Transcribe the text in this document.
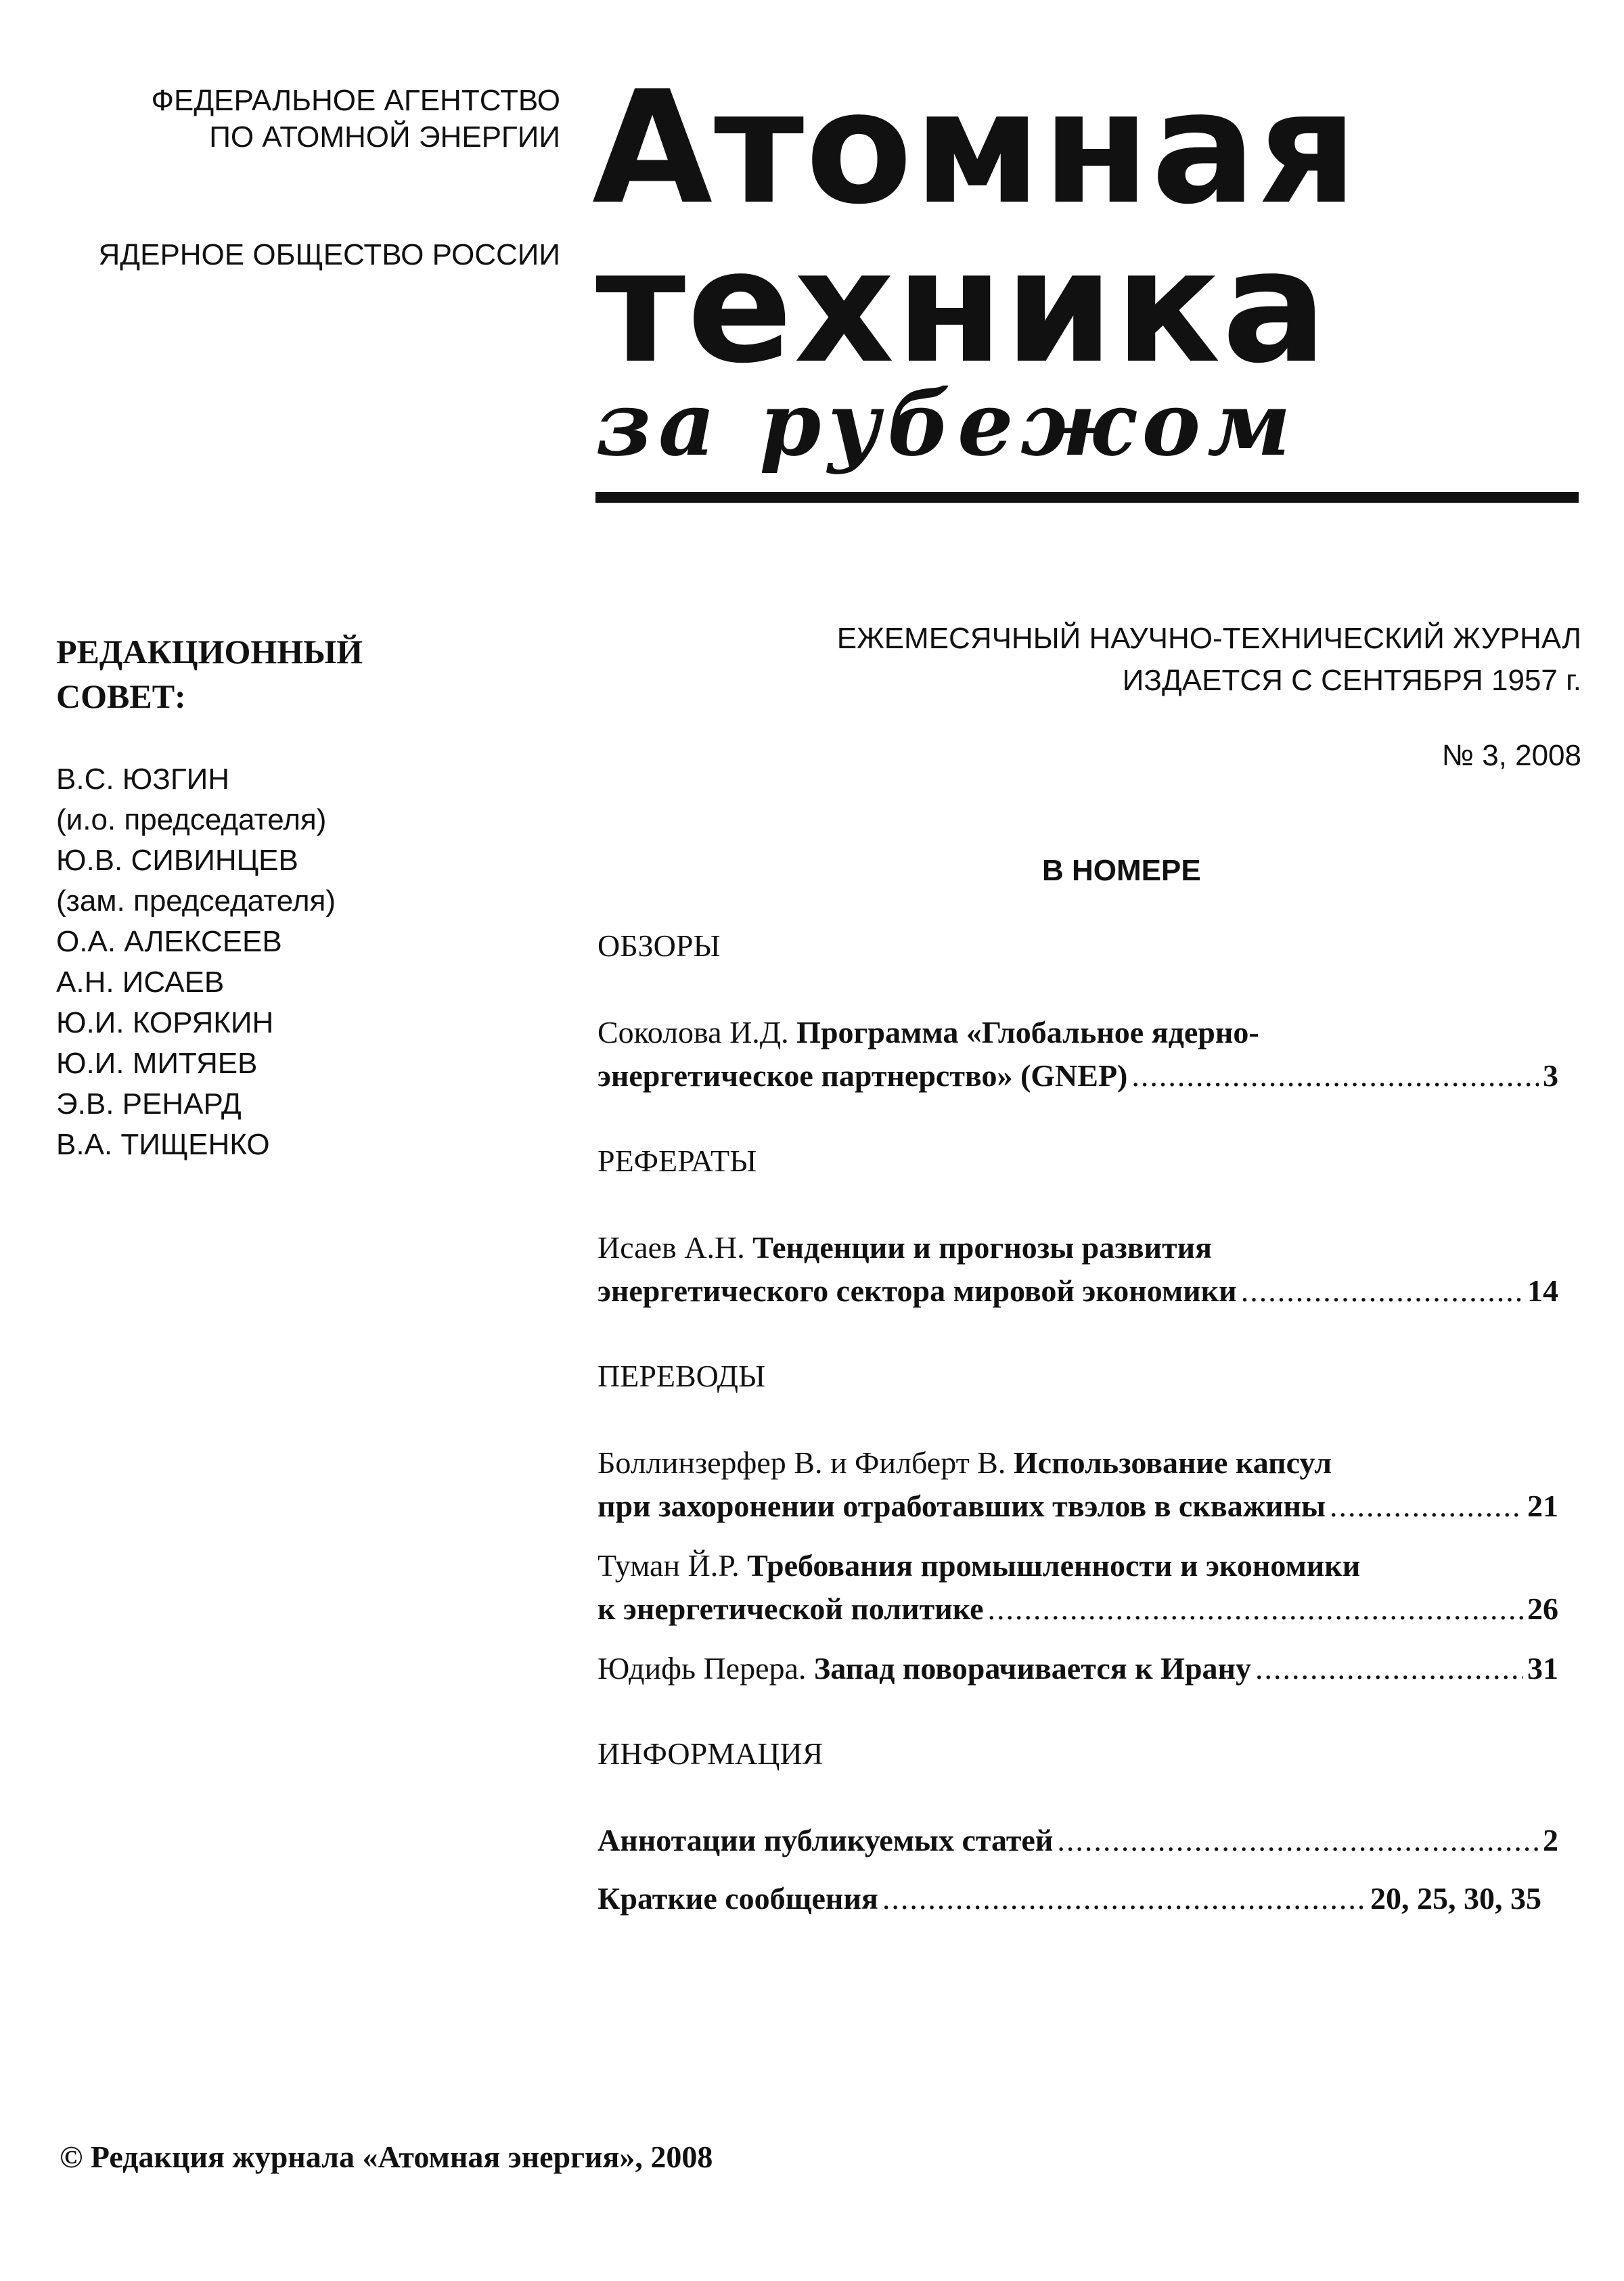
ФЕДЕРАЛЬНОЕ АГЕНТСТВО
ПО АТОМНОЙ ЭНЕРГИИ
ЯДЕРНОЕ ОБЩЕСТВО РОССИИ
Атомная
техника
за рубежом
РЕДАКЦИОННЫЙ
СОВЕТ:
В.С. ЮЗГИН
(и.о. председателя)
Ю.В. СИВИНЦЕВ
(зам. председателя)
О.А. АЛЕКСЕЕВ
А.Н. ИСАЕВ
Ю.И. КОРЯКИН
Ю.И. МИТЯЕВ
Э.В. РЕНАРД
В.А. ТИЩЕНКО
ЕЖЕМЕСЯЧНЫЙ НАУЧНО-ТЕХНИЧЕСКИЙ ЖУРНАЛ
ИЗДАЕТСЯ С СЕНТЯБРЯ 1957 г.
№ 3, 2008
В НОМЕРЕ
ОБЗОРЫ
Соколова И.Д. Программа «Глобальное ядерно-
энергетическое партнерство» (GNEP) .....	3
РЕФЕРАТЫ
Исаев А.Н. Тенденции и прогнозы развития
энергетического сектора мировой экономики .....	14
ПЕРЕВОДЫ
Боллинзерфер В. и Филберт В. Использование капсул
при захоронении отработавших твэлов в скважины .....	21
Туман Й.Р. Требования промышленности и экономики
к энергетической политике .....	26
Юдифь Перера.
Запад поворачивается к Ирану .....	31
ИНФОРМАЦИЯ
Аннотации публикуемых статей .....	2
Краткие сообщения .....	20, 25, 30, 35
© Редакция журнала «Атомная энергия», 2008
